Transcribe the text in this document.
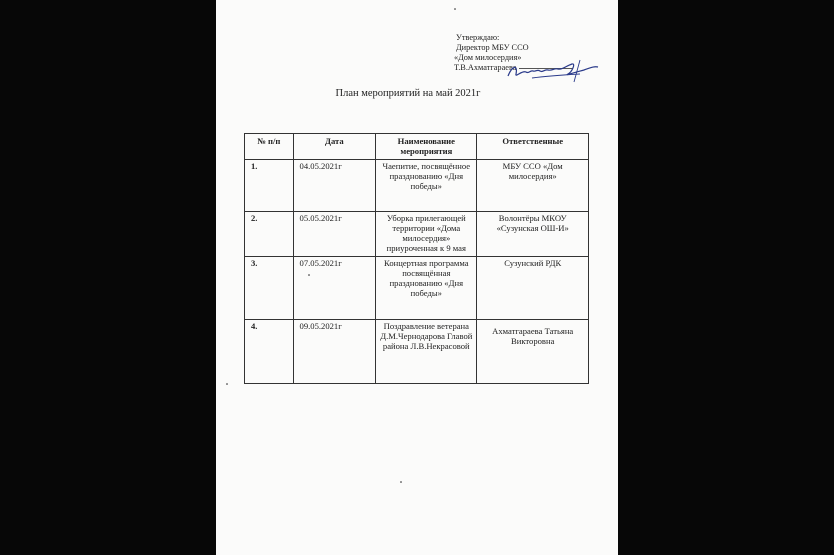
Утверждаю:
Директор МБУ ССО
«Дом милосердия»
Т.В.Ахматгараева
План мероприятий на май 2021г
№ п/п	Дата	Наименование мероприятия	Ответственные
1.	04.05.2021г	Чаепитие, посвящённое празднованию «Дня победы»	МБУ ССО «Дом милосердия»
2.	05.05.2021г	Уборка прилегающей территории «Дома милосердия» приуроченная к 9 мая	Волонтёры МКОУ «Сузунская ОШ-И»
3.	07.05.2021г	Концертная программа посвящённая празднованию «Дня победы»	Сузунский РДК
4.	09.05.2021г	Поздравление ветерана Д.М.Чернодарова Главой района Л.В.Некрасовой	Ахматгараева Татьяна Викторовна
